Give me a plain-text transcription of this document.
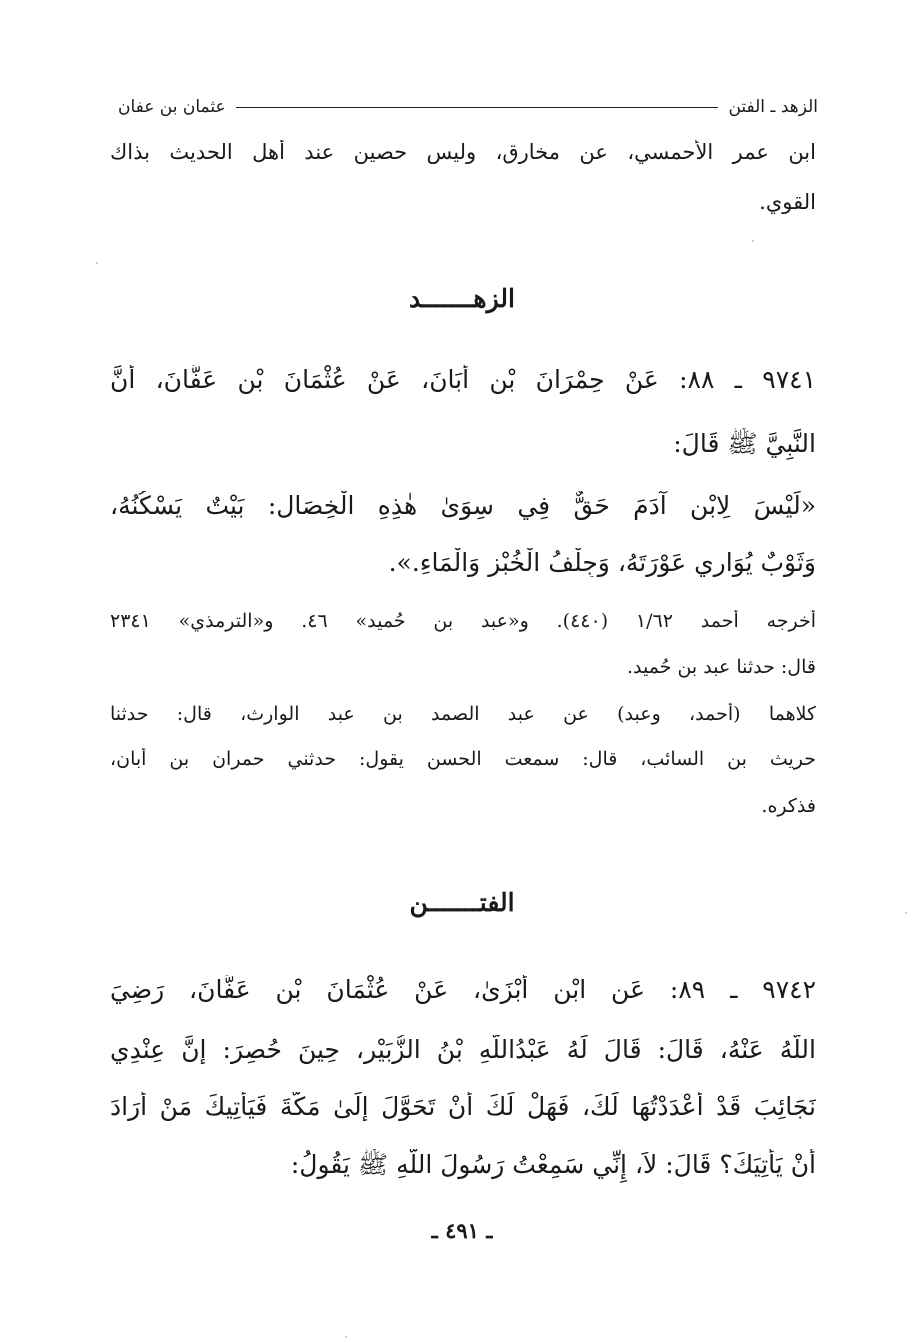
الزهد ـ الفتن
عثمان بن عفان
ابن عمر الأحمسي، عن مخارق، وليس حصين عند أهل الحديث بذاك
القوي.
الزهـــــــد
٩٧٤١ ـ ٨٨: عَنْ حِمْرَانَ بْنِ أَبَانَ، عَنْ عُثْمَانَ بْنِ عَفَّانَ، أَنَّ
النَّبِيَّ ﷺ قَالَ:
«لَيْسَ لِابْنِ آدَمَ حَقٌّ فِي سِوَىٰ هٰذِهِ الْخِصَالِ: بَيْتٌ يَسْكُنُهُ،
وَثَوْبٌ يُوَارِي عَوْرَتَهُ، وَجِلْفُ الْخُبْزِ وَالْمَاءِ.».
أخرجه أحمد ١/٦٢ (٤٤٠). و«عبد بن حُميد» ٤٦. و«الترمذي» ٢٣٤١
قال: حدثنا عبد بن حُميد.
كلاهما (أحمد، وعبد) عن عبد الصمد بن عبد الوارث، قال: حدثنا
حريث بن السائب، قال: سمعت الحسن يقول: حدثني حمران بن أبان،
فذكره.
الفتـــــــن
٩٧٤٢ ـ ٨٩: عَنِ ابْنِ أَبْزَىٰ، عَنْ عُثْمَانَ بْنِ عَفَّانَ، رَضِيَ
اللَّهُ عَنْهُ، قَالَ: قَالَ لَهُ عَبْدُاللَّهِ بْنُ الزُّبَيْرِ، حِينَ حُصِرَ: إِنَّ عِنْدِي
نَجَائِبَ قَدْ أَعْدَدْتُهَا لَكَ، فَهَلْ لَكَ أَنْ تَحَوَّلَ إِلَىٰ مَكَّةَ فَيَأْتِيكَ مَنْ أَرَادَ
أَنْ يَأْتِيَكَ؟ قَالَ: لاَ، إِنِّي سَمِعْتُ رَسُولَ اللَّهِ ﷺ يَقُولُ:
ـ ٤٩١ ـ
